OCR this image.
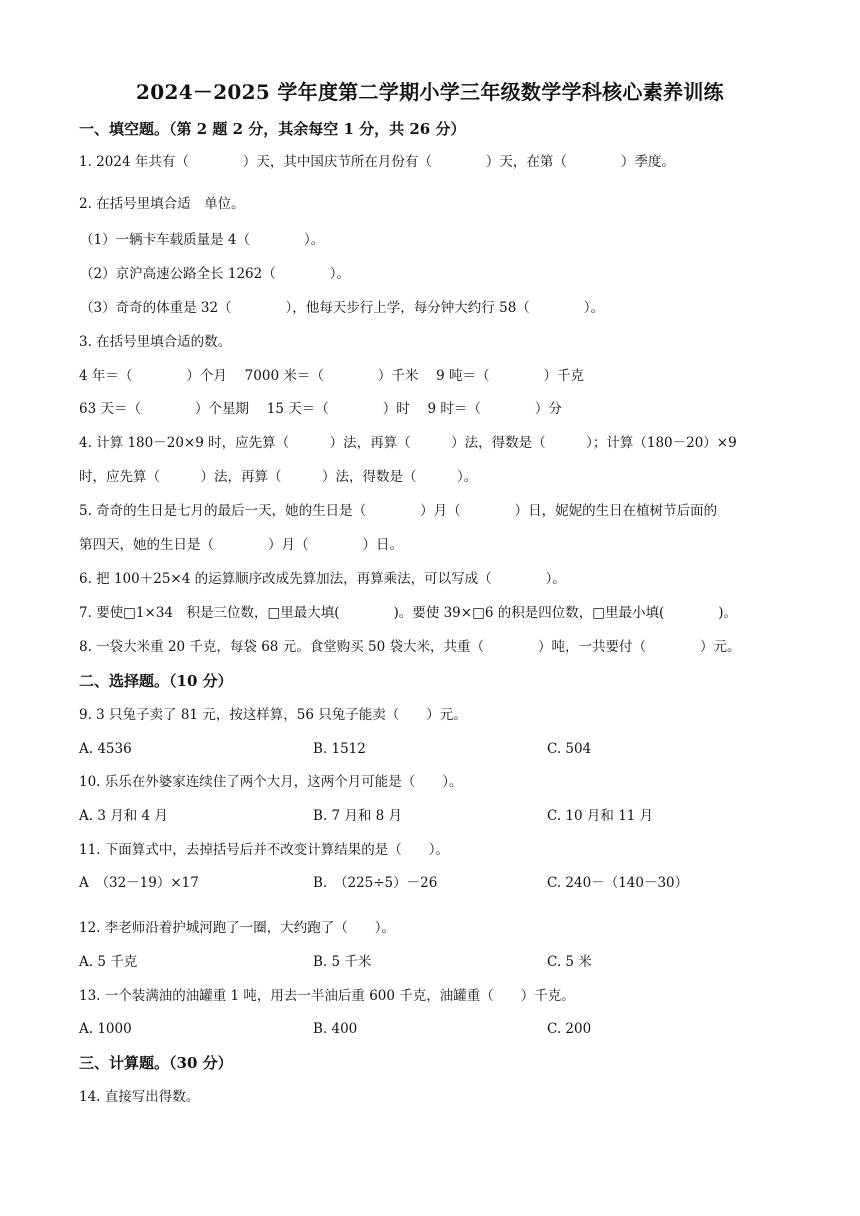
2024－2025 学年度第二学期小学三年级数学学科核心素养训练
一、填空题。（第 2 题 2 分，其余每空 1 分，共 26 分）
1. 2024 年共有（　　　　）天，其中国庆节所在月份有（　　　　）天，在第（　　　　）季度。
2. 在括号里填合适　单位。
（1）一辆卡车载质量是 4（　　　　）。
（2）京沪高速公路全长 1262（　　　　）。
（3）奇奇的体重是 32（　　　　），他每天步行上学，每分钟大约行 58（　　　　）。
3. 在括号里填合适的数。
4 年＝（　　　　）个月　 7000 米＝（　　　　）千米　 9 吨＝（　　　　）千克
63 天＝（　　　　）个星期　 15 天＝（　　　　）时　 9 时＝（　　　　）分
4. 计算 180－20×9 时，应先算（　　　）法，再算（　　　）法，得数是（　　　）；计算（180－20）×9
时，应先算（　　　）法，再算（　　　）法，得数是（　　　）。
5. 奇奇的生日是七月的最后一天，她的生日是（　　　　）月（　　　　）日，妮妮的生日在植树节后面的
第四天，她的生日是（　　　　）月（　　　　）日。
6. 把 100＋25×4 的运算顺序改成先算加法，再算乘法，可以写成（　　　　）。
7. 要使□1×34　积是三位数，□里最大填(　　　　)。要使 39×□6 的积是四位数，□里最小填(　　　　)。
8. 一袋大米重 20 千克，每袋 68 元。食堂购买 50 袋大米，共重（　　　　）吨，一共要付（　　　　）元。
二、选择题。（10 分）
9. 3 只兔子卖了 81 元，按这样算，56 只兔子能卖（　　）元。
A. 4536	B. 1512	C. 504
10. 乐乐在外婆家连续住了两个大月，这两个月可能是（　　）。
A. 3 月和 4 月	B. 7 月和 8 月	C. 10 月和 11 月
11. 下面算式中，去掉括号后并不改变计算结果的是（　　）。
A　（32－19）×17	B.　（225÷5）－26	C. 240－（140－30）
12. 李老师沿着护城河跑了一圈，大约跑了（　　）。
A. 5 千克	B. 5 千米	C. 5 米
13. 一个装满油的油罐重 1 吨，用去一半油后重 600 千克，油罐重（　　）千克。
A. 1000	B. 400	C. 200
三、计算题。（30 分）
14. 直接写出得数。
